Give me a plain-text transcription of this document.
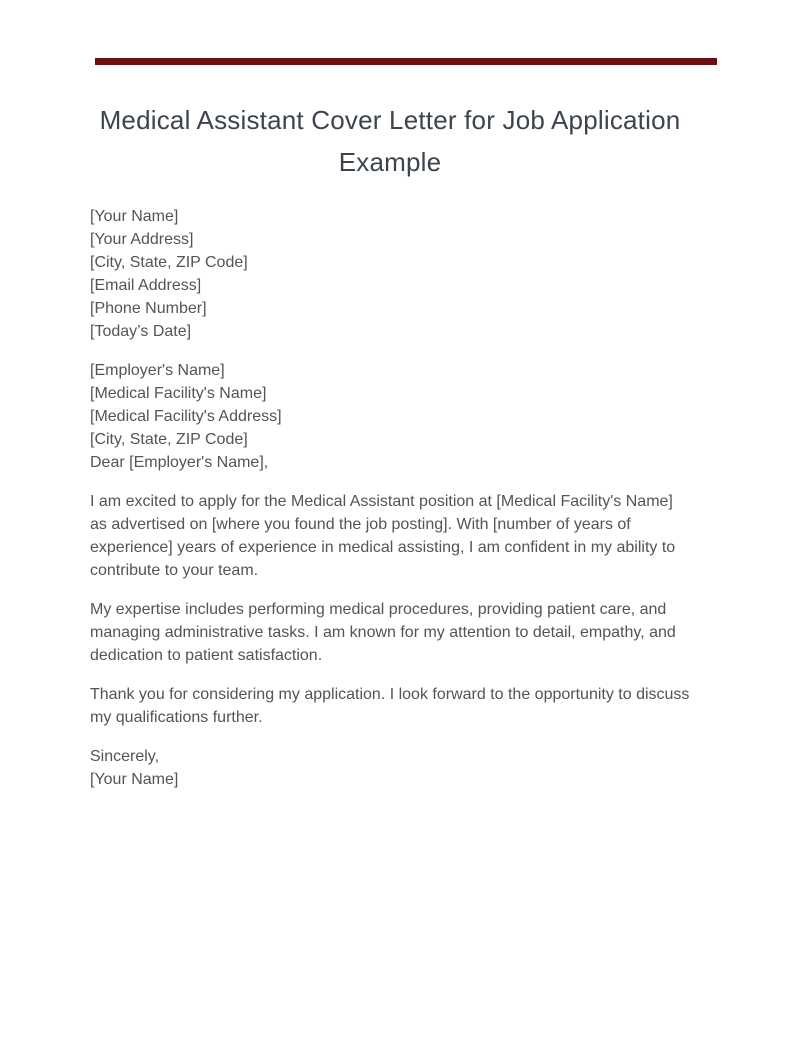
Medical Assistant Cover Letter for Job Application Example
[Your Name]
[Your Address]
[City, State, ZIP Code]
[Email Address]
[Phone Number]
[Today’s Date]
[Employer's Name]
[Medical Facility's Name]
[Medical Facility's Address]
[City, State, ZIP Code]
Dear [Employer's Name],

I am excited to apply for the Medical Assistant position at [Medical Facility's Name] as advertised on [where you found the job posting]. With [number of years of experience] years of experience in medical assisting, I am confident in my ability to contribute to your team.

My expertise includes performing medical procedures, providing patient care, and managing administrative tasks. I am known for my attention to detail, empathy, and dedication to patient satisfaction.

Thank you for considering my application. I look forward to the opportunity to discuss my qualifications further.

Sincerely,
[Your Name]
